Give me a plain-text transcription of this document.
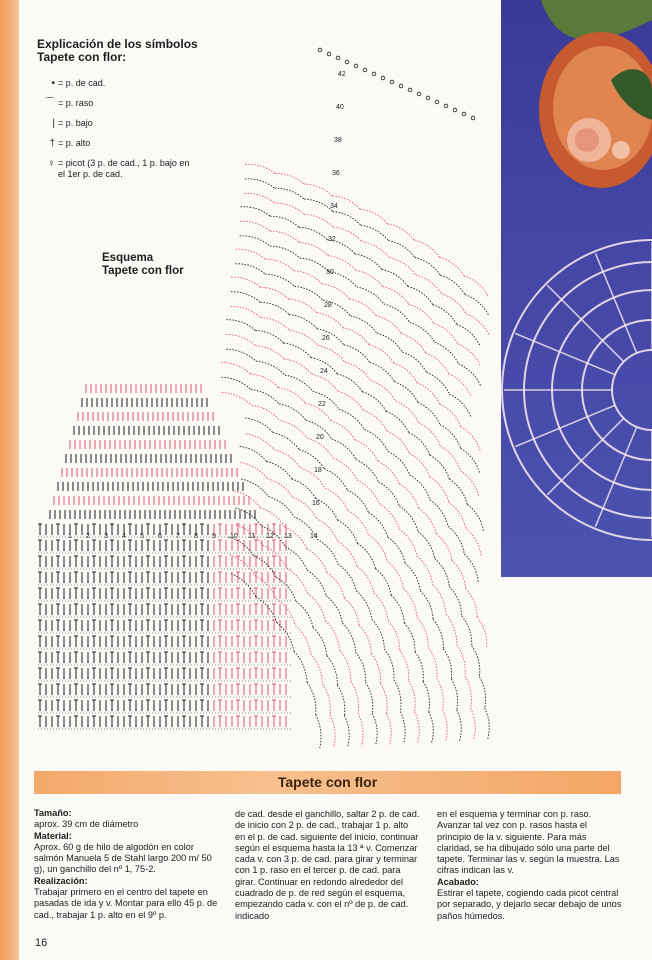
Explicación de los símbolos
Tapete con flor:
• = p. de cad.
⌒ = p. raso
| = p. bajo
† = p. alto
♀ = picot (3 p. de cad., 1 p. bajo en el 1er p. de cad.
Esquema
Tapete con flor
42
40
38
36
34
32
30
28
26
24
22
20
18
16
14
1 2 3 4 5 6 7 8 9 10 11 12 13
Tapete con flor
Tamaño:
aprox. 39 cm de diámetro
Material:
Aprox. 60 g de hilo de algodón en color salmón Manuela 5 de Stahl largo 200 m/ 50 g), un ganchillo del nº 1, 75-2.
Realización:
Trabajar primero en el centro del tapete en pasadas de ida y v. Montar para ello 45 p. de cad., trabajar 1 p. alto en el 9º p.
de cad. desde el ganchillo, saltar 2 p. de cad. de inicio con 2 p. de cad., trabajar 1 p. alto en el p. de cad. siguiente del inicio, continuar según el esquema hasta la 13 ª v. Comenzar cada v. con 3 p. de cad. para girar y terminar con 1 p. raso en el tercer p. de cad. para girar. Continuar en redondo alrededor del cuadrado de p. de red según el esquema, empezando cada v. con el nº de p. de cad. indicado
en el esquema y terminar con p. raso. Avanzar tal vez con p. rasos hasta el principio de la v. siguiente. Para más claridad, se ha dibujado sólo una parte del tapete. Terminar las v. según la muestra. Las cifras indican las v.
Acabado:
Estirar el tapete, cogiendo cada picot central por separado, y dejarlo secar debajo de unos paños húmedos.
16
